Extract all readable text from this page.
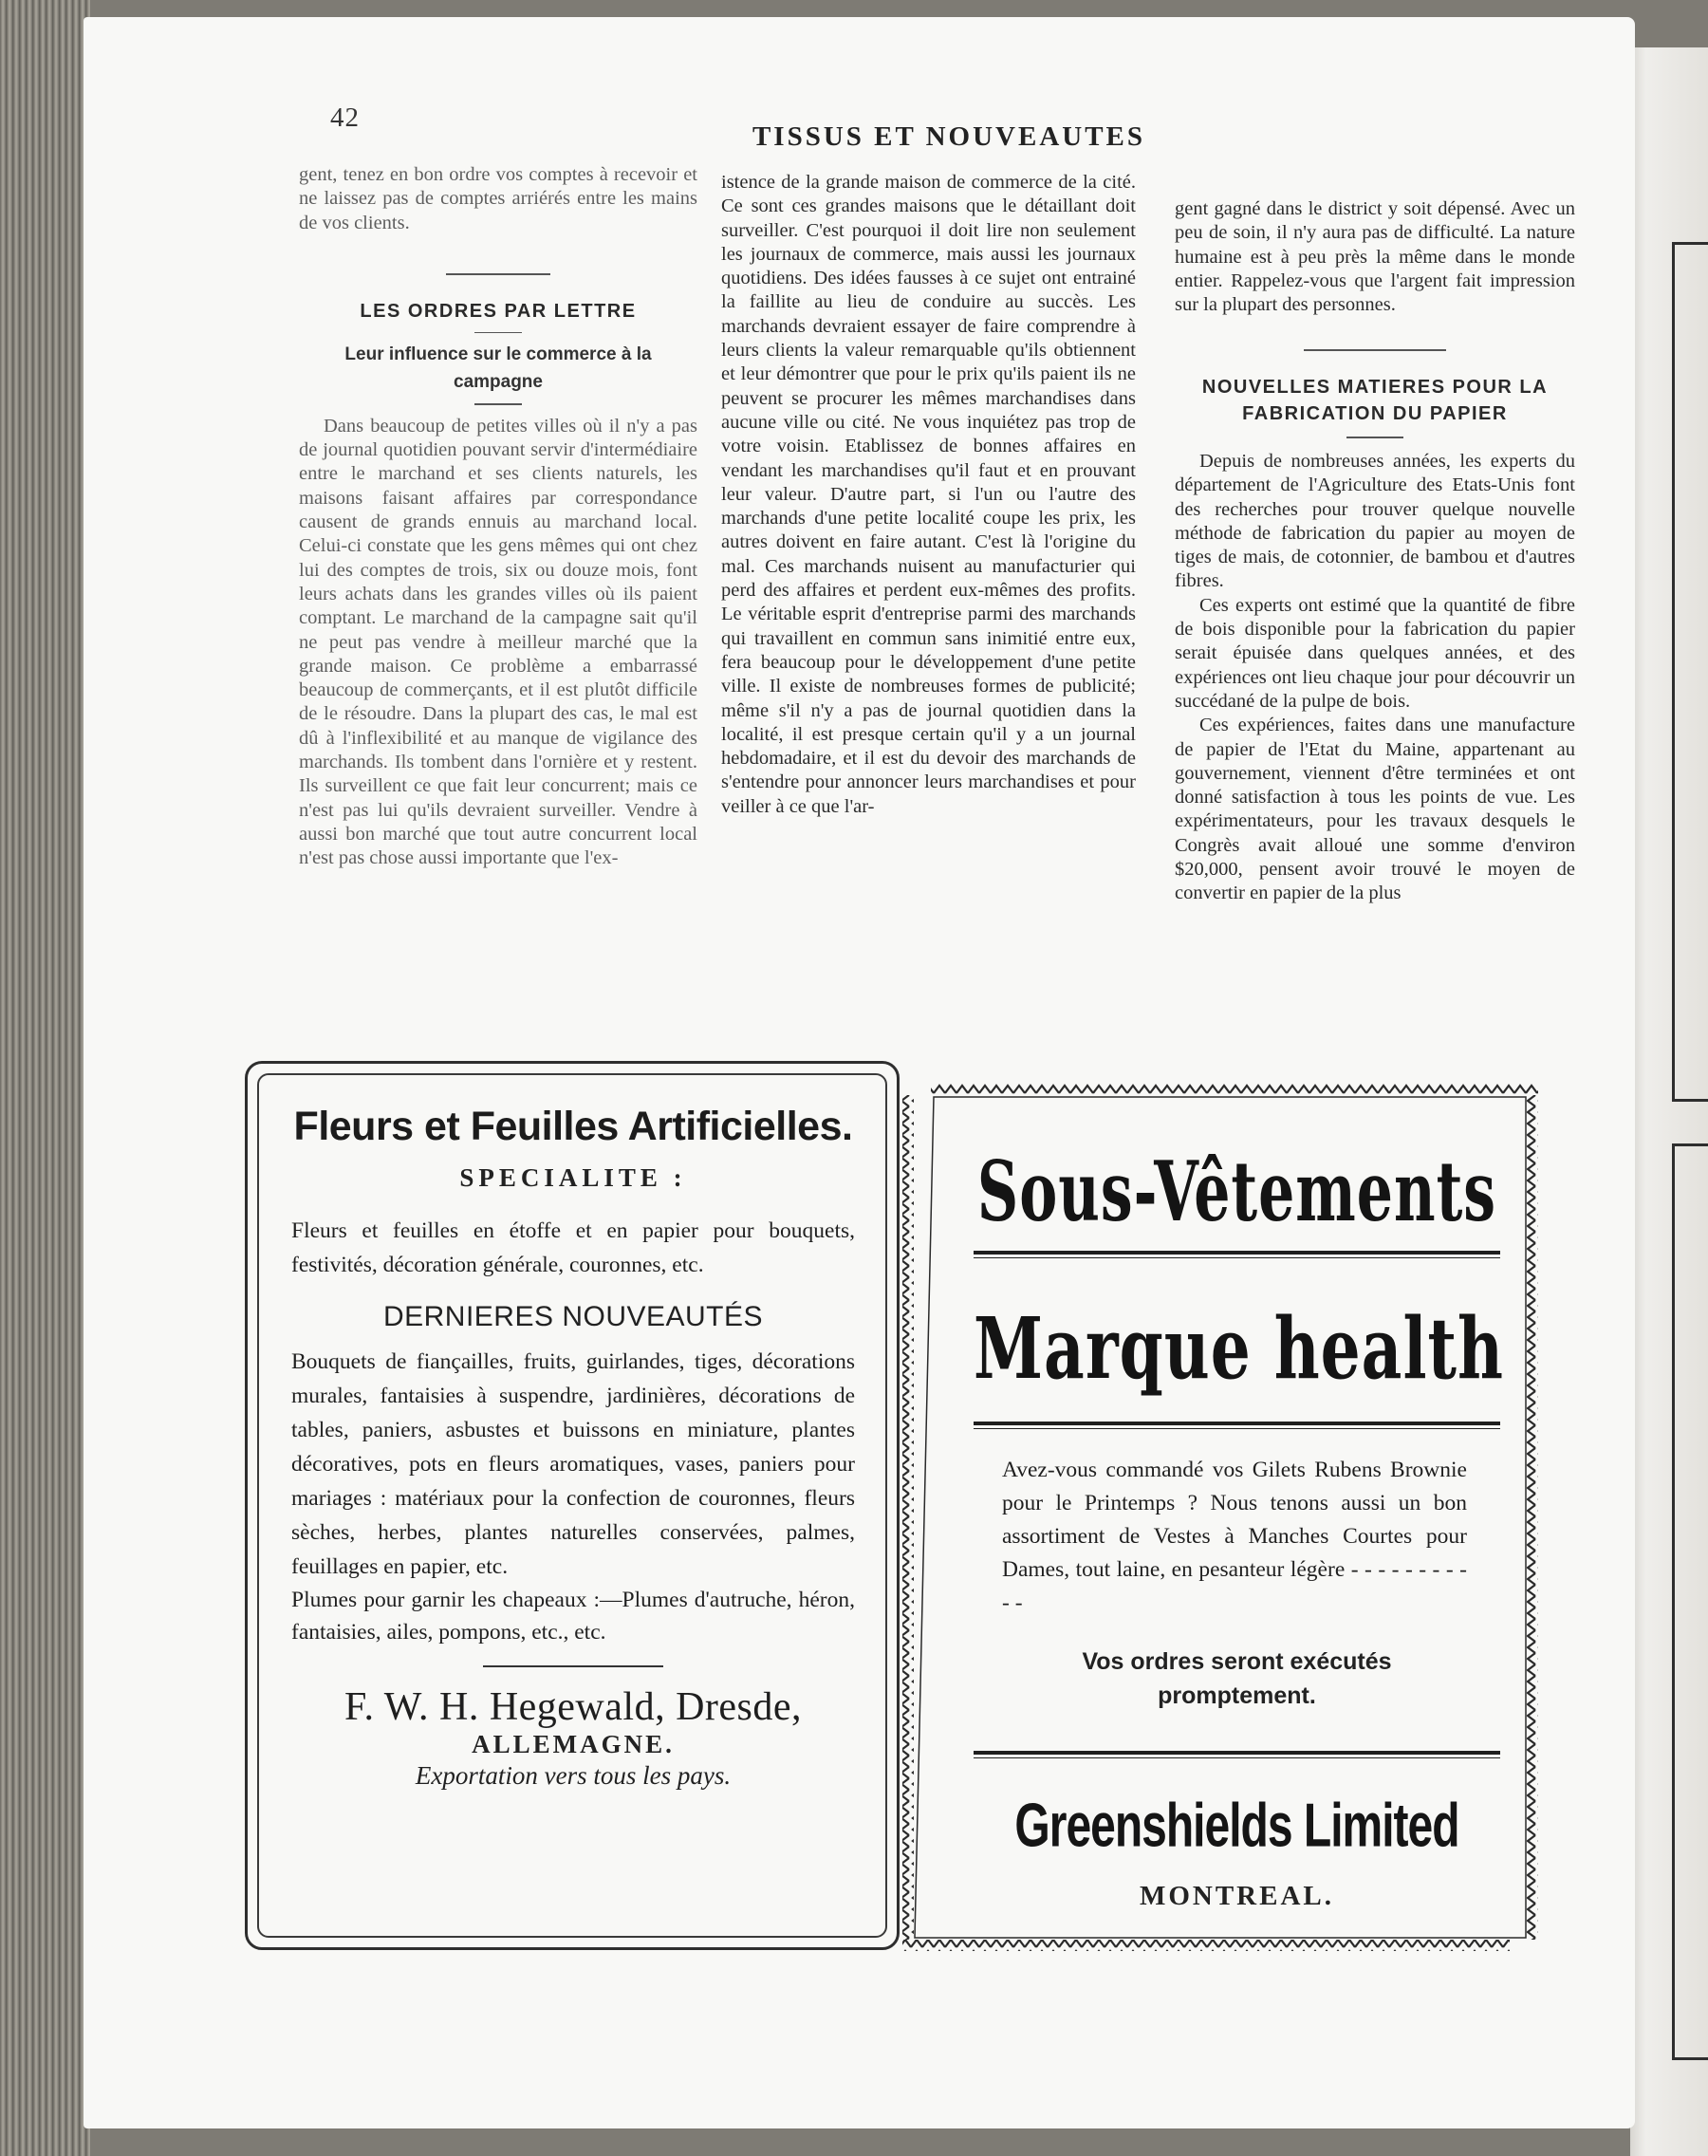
42
TISSUS ET NOUVEAUTES

gent, tenez en bon ordre vos comptes à recevoir et ne laissez pas de comptes arriérés entre les mains de vos clients.

LES ORDRES PAR LETTRE
Leur influence sur le commerce à la campagne

Dans beaucoup de petites villes où il n'y a pas de journal quotidien pouvant servir d'intermédiaire entre le marchand et ses clients naturels, les maisons faisant affaires par correspondance causent de grands ennuis au marchand local. Celui-ci constate que les gens mêmes qui ont chez lui des comptes de trois, six ou douze mois, font leurs achats dans les grandes villes où ils paient comptant. Le marchand de la campagne sait qu'il ne peut pas vendre à meilleur marché que la grande maison. Ce problème a embarrassé beaucoup de commerçants, et il est plutôt difficile de le résoudre. Dans la plupart des cas, le mal est dû à l'inflexibilité et au manque de vigilance des marchands. Ils tombent dans l'ornière et y restent. Ils surveillent ce que fait leur concurrent; mais ce n'est pas lui qu'ils devraient surveiller. Vendre à aussi bon marché que tout autre concurrent local n'est pas chose aussi importante que l'ex-

istence de la grande maison de commerce de la cité. Ce sont ces grandes maisons que le détaillant doit surveiller. C'est pourquoi il doit lire non seulement les journaux de commerce, mais aussi les journaux quotidiens. Des idées fausses à ce sujet ont entrainé la faillite au lieu de conduire au succès. Les marchands devraient essayer de faire comprendre à leurs clients la valeur remarquable qu'ils obtiennent et leur démontrer que pour le prix qu'ils paient ils ne peuvent se procurer les mêmes marchandises dans aucune ville ou cité. Ne vous inquiétez pas trop de votre voisin. Etablissez de bonnes affaires en vendant les marchandises qu'il faut et en prouvant leur valeur. D'autre part, si l'un ou l'autre des marchands d'une petite localité coupe les prix, les autres doivent en faire autant. C'est là l'origine du mal. Ces marchands nuisent au manufacturier qui perd des affaires et perdent eux-mêmes des profits. Le véritable esprit d'entreprise parmi des marchands qui travaillent en commun sans inimitié entre eux, fera beaucoup pour le développement d'une petite ville. Il existe de nombreuses formes de publicité; même s'il n'y a pas de journal quotidien dans la localité, il est presque certain qu'il y a un journal hebdomadaire, et il est du devoir des marchands de s'entendre pour annoncer leurs marchandises et pour veiller à ce que l'ar-

gent gagné dans le district y soit dépensé. Avec un peu de soin, il n'y aura pas de difficulté. La nature humaine est à peu près la même dans le monde entier. Rappelez-vous que l'argent fait impression sur la plupart des personnes.

NOUVELLES MATIERES POUR LA FABRICATION DU PAPIER

Depuis de nombreuses années, les experts du département de l'Agriculture des Etats-Unis font des recherches pour trouver quelque nouvelle méthode de fabrication du papier au moyen de tiges de mais, de cotonnier, de bambou et d'autres fibres.

Ces experts ont estimé que la quantité de fibre de bois disponible pour la fabrication du papier serait épuisée dans quelques années, et des expériences ont lieu chaque jour pour découvrir un succédané de la pulpe de bois.

Ces expériences, faites dans une manufacture de papier de l'Etat du Maine, appartenant au gouvernement, viennent d'être terminées et ont donné satisfaction à tous les points de vue. Les expérimentateurs, pour les travaux desquels le Congrès avait alloué une somme d'environ $20,000, pensent avoir trouvé le moyen de convertir en papier de la plus

Fleurs et Feuilles Artificielles.
SPECIALITE :
Fleurs et feuilles en étoffe et en papier pour bouquets, festivités, décoration générale, couronnes, etc.
DERNIERES NOUVEAUTÉS
Bouquets de fiançailles, fruits, guirlandes, tiges, décorations murales, fantaisies à suspendre, jardinières, décorations de tables, paniers, asbustes et buissons en miniature, plantes décoratives, pots en fleurs aromatiques, vases, paniers pour mariages : matériaux pour la confection de couronnes, fleurs sèches, herbes, plantes naturelles conservées, palmes, feuillages en papier, etc.
Plumes pour garnir les chapeaux :—Plumes d'autruche, héron, fantaisies, ailes, pompons, etc., etc.
F. W. H. Hegewald, Dresde,
ALLEMAGNE.
Exportation vers tous les pays.
Sous-Vêtements
Marque health
Avez-vous commandé vos Gilets Rubens Brownie pour le Printemps ? Nous tenons aussi un bon assortiment de Vestes à Manches Courtes pour Dames, tout laine, en pesanteur légère - - - - - - - - - - -
Vos ordres seront exécutés promptement.
Greenshields Limited
MONTREAL.
